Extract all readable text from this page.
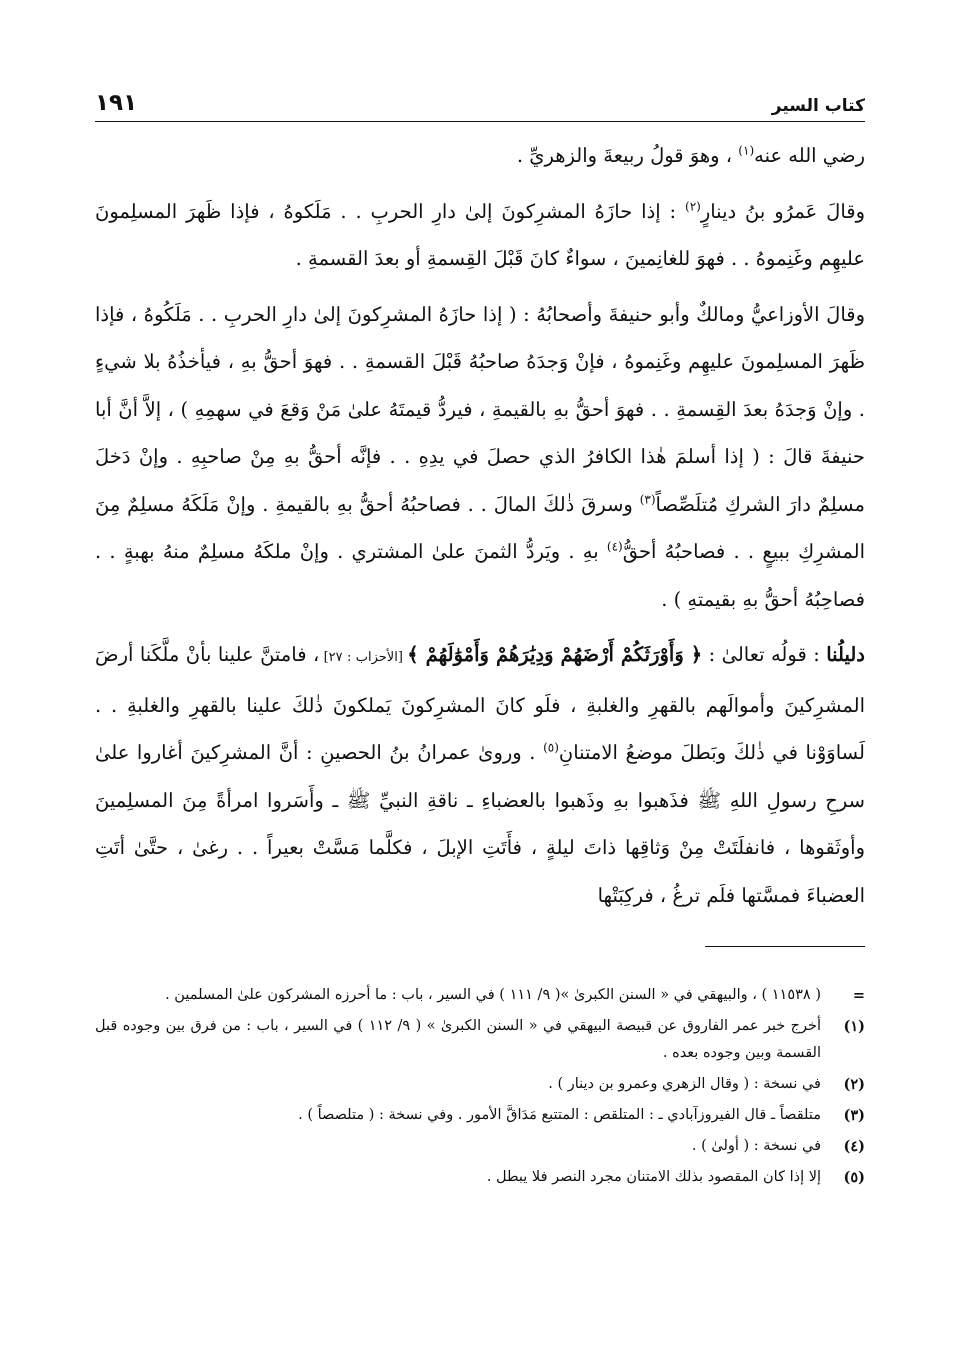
كتاب السير
١٩١

رضي الله عنه$^{(١)}$ ، وهوَ قولُ ربيعةَ والزهريِّ .

وقالَ عَمرُو بنُ دينارٍ$^{(٢)}$ : إذا حازَهُ المشرِكونَ إلىٰ دارِ الحربِ . . مَلَكوهُ ، فإذا ظَهرَ المسلِمونَ عليهِم وغَنِموهُ . . فهوَ للغانِمينَ ، سواءٌ كانَ قَبْلَ القِسمةِ أو بعدَ القسمةِ .

وقالَ الأوزاعيُّ ومالكٌ وأبو حنيفةَ وأصحابُهُ : ( إذا حازَهُ المشرِكونَ إلىٰ دارِ الحربِ . . مَلَكُوهُ ، فإذا ظَهرَ المسلِمونَ عليهِم وغَنِموهُ ، فإنْ وَجدَهُ صاحبُهُ قَبْلَ القسمةِ . . فهوَ أحقُّ بهِ ، فيأخذُهُ بلا شيءٍ . وإنْ وَجدَهُ بعدَ القِسمةِ . . فهوَ أحقُّ بهِ بالقيمةِ ، فيردُّ قيمتَهُ علىٰ مَنْ وَقعَ في سهمِهِ ) ، إلاَّ أنَّ أبا حنيفةَ قالَ : ( إذا أسلمَ هٰذا الكافرُ الذي حصلَ في يدِهِ . . فإنَّه أحقُّ بهِ مِنْ صاحبِهِ . وإنْ دَخلَ مسلِمٌ دارَ الشركِ مُتلَصِّصاً$^{(٣)}$ وسرقَ ذٰلكَ المالَ . . فصاحبُهُ أحقُّ بهِ بالقيمةِ . وإنْ مَلَكَهُ مسلِمٌ مِنَ المشرِكِ ببيعٍ . . فصاحبُهُ أحقُّ$^{(٤)}$ بهِ . ويَردُّ الثمنَ علىٰ المشتري . وإنْ ملكَهُ مسلِمٌ منهُ بهبةٍ . . فصاحِبُهُ أحقُّ بهِ بقيمتهِ ) .

دليلُنا : قولُه تعالىٰ : ﴿ وَأَوْرَثَكُمْ أَرْضَهُمْ وَدِيَٰرَهُمْ وَأَمْوَٰلَهُمْ ﴾ [الأحزاب : ٢٧] ، فامتنَّ علينا بأنْ ملَّكَنا أرضَ المشرِكينَ وأموالَهم بالقهرِ والغلبةِ ، فلَو كانَ المشرِكونَ يَملكونَ ذٰلكَ علينا بالقهرِ والغلبةِ . . لَساوَوْنا في ذٰلكَ وبَطلَ موضعُ الامتنانِ$^{(٥)}$ . وروىٰ عمرانُ بنُ الحصينِ : أنَّ المشرِكينَ أغاروا علىٰ سرحِ رسولِ اللهِ ﷺ فذَهبوا بهِ وذَهبوا بالعضباءِ ـ ناقةِ النبيِّ ﷺ ـ وأَسَروا امرأةً مِنَ المسلِمينَ وأوثَقوها ، فانفلَتَتْ مِنْ وَثاقِها ذاتَ ليلةٍ ، فأَتَتِ الإبلَ ، فكلَّما مَسَّتْ بعيراً . . رغىٰ ، حتَّىٰ أتَتِ العضباءَ فمسَّتها فلَم ترغُ ، فركِبَتْها

=
( ١١٥٣٨ ) ، والبيهقي في « السنن الكبرىٰ »( ٩/ ١١١ ) في السير ، باب : ما أحرزه المشركون علىٰ المسلمين .
(١)
أخرج خبر عمر الفاروق عن قبيصة البيهقي في « السنن الكبرىٰ » ( ٩/ ١١٢ ) في السير ، باب : من فرق بين وجوده قبل القسمة وبين وجوده بعده .
(٢)
في نسخة : ( وقال الزهري وعمرو بن دينار ) .
(٣)
متلقصاً ـ قال الفيروزآبادي ـ : المتلقص : المتتبع مَدَاقَّ الأمور . وفي نسخة : ( متلصصاً ) .
(٤)
في نسخة : ( أولىٰ ) .
(٥)
إلا إذا كان المقصود بذلك الامتنان مجرد النصر فلا يبطل .
